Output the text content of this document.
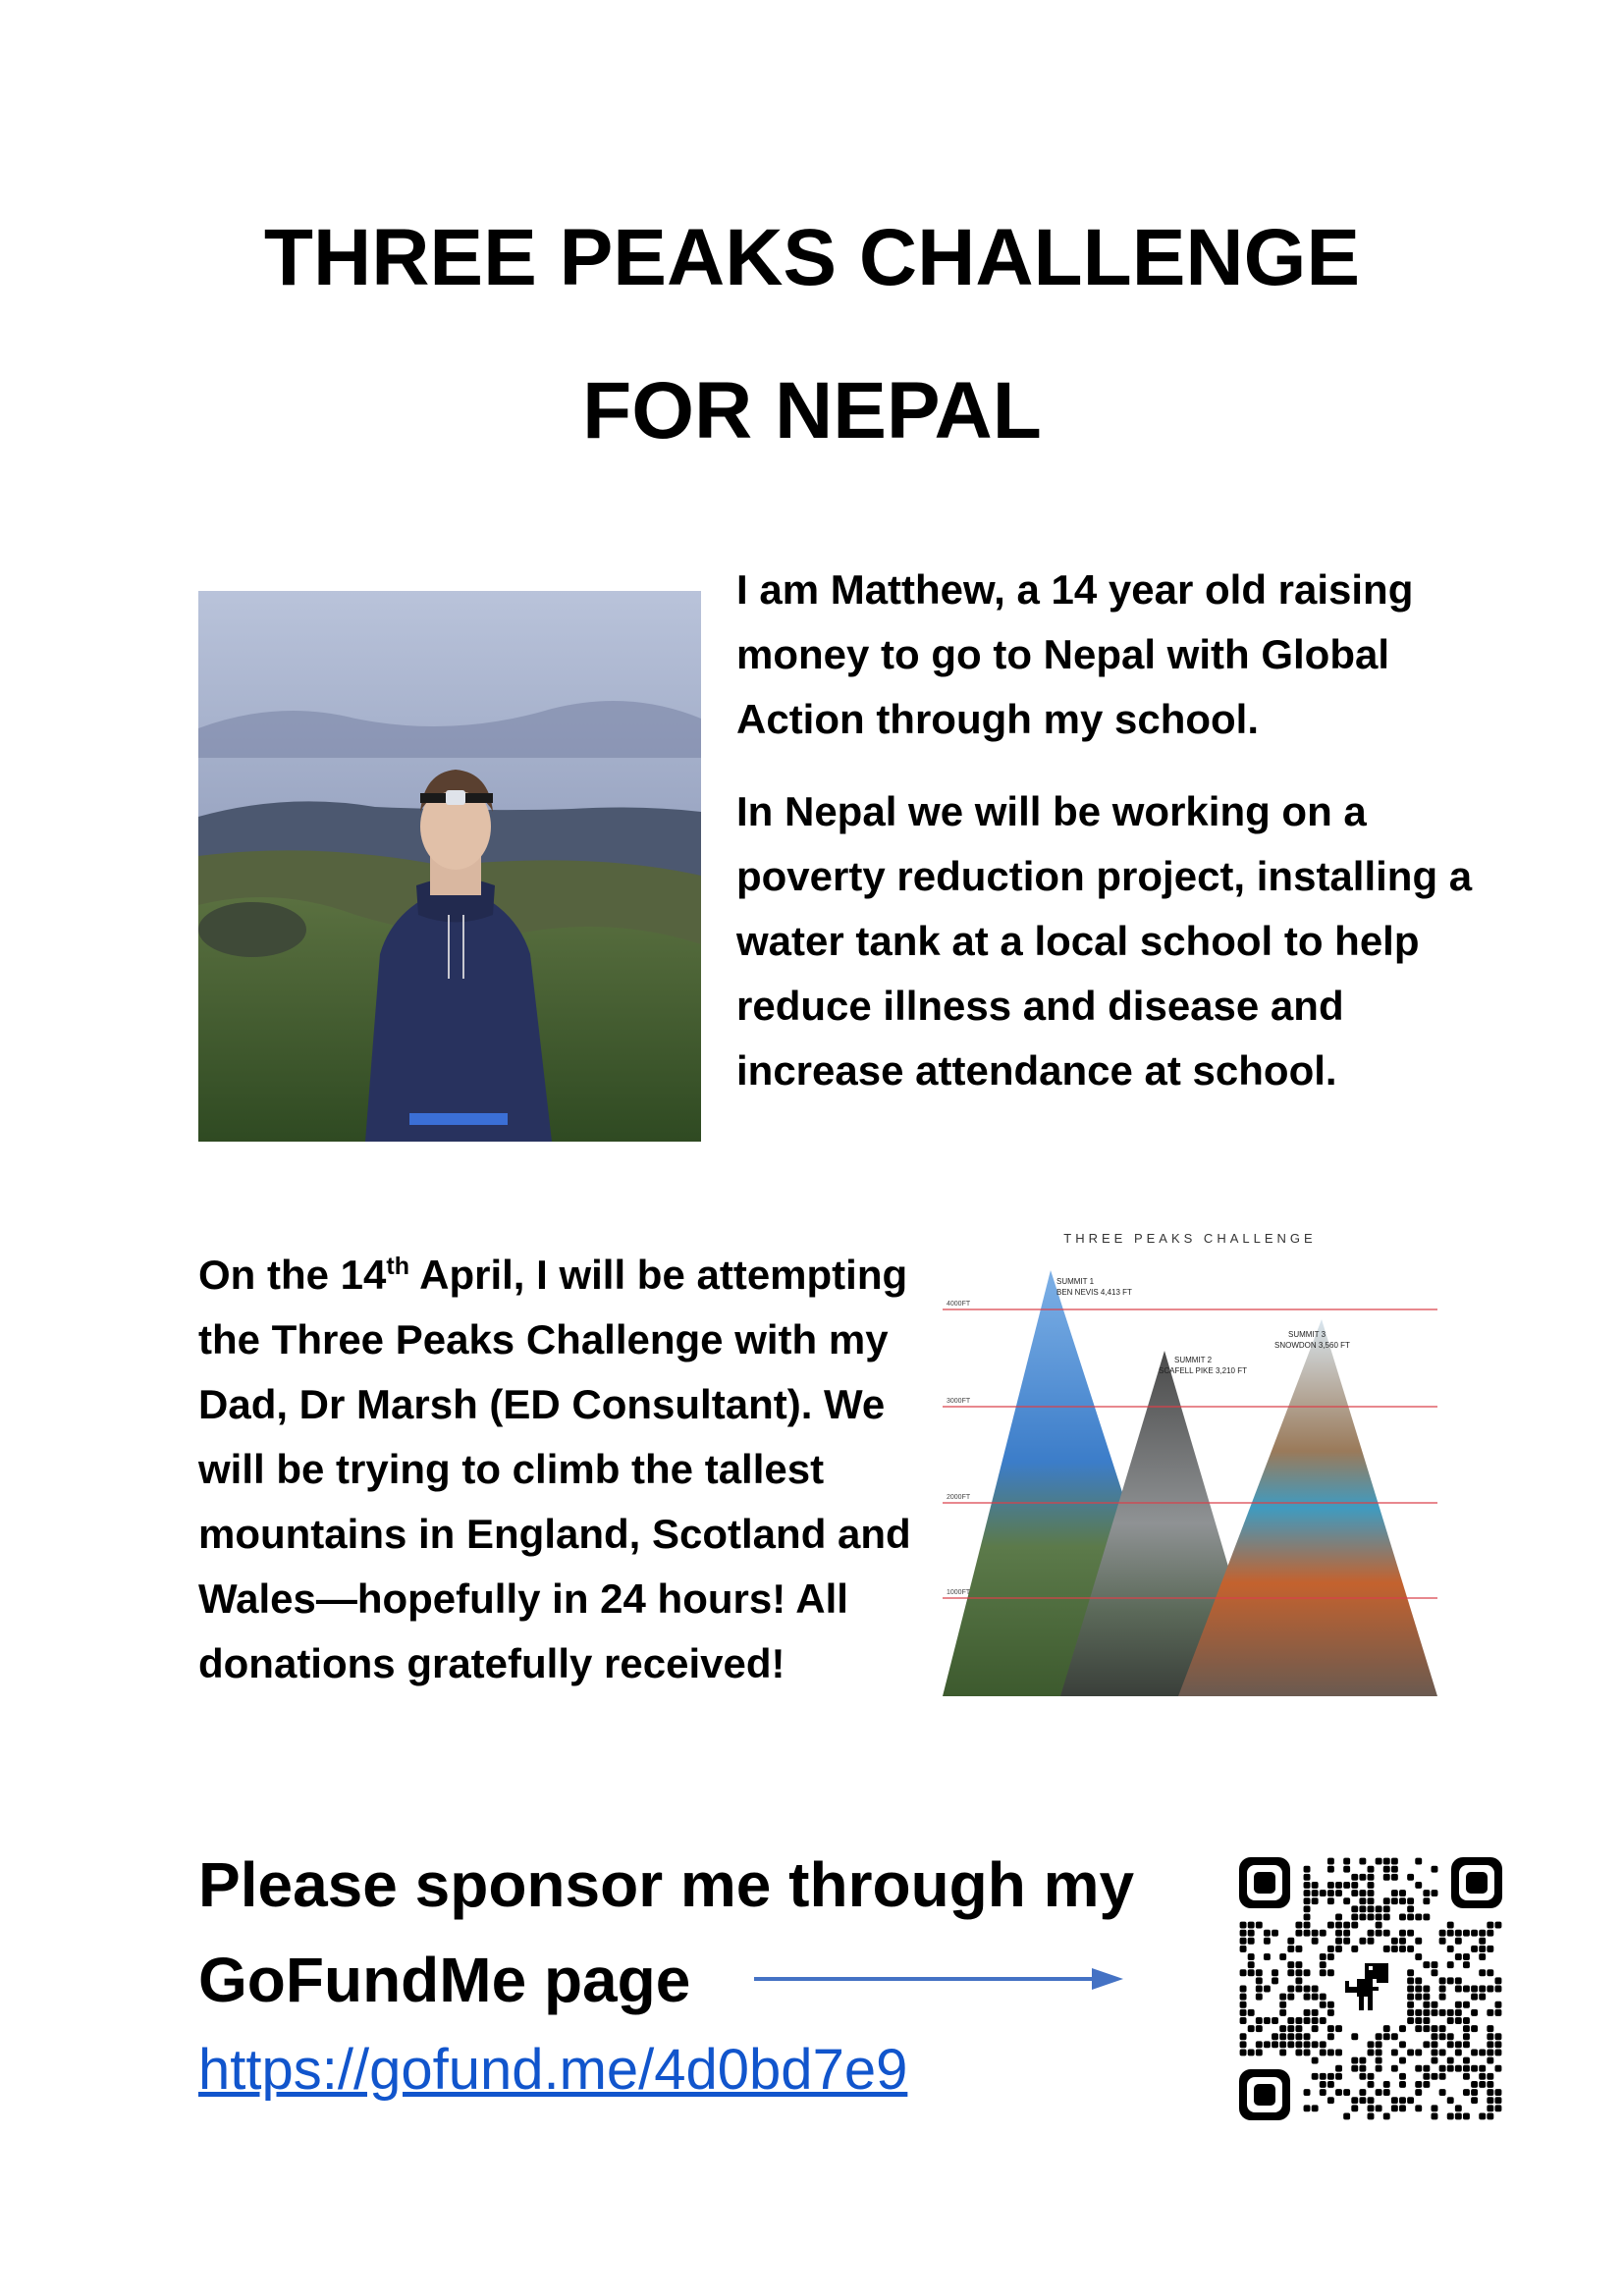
THREE PEAKS CHALLENGE
FOR NEPAL
I am Matthew, a 14 year old raising money to go to Nepal with Global Action through my school.
In Nepal we will be working on a poverty reduction project, installing a water tank at a local school to help reduce illness and disease and increase attendance at school.
On the 14th April, I will be attempting the Three Peaks Challenge with my Dad, Dr Marsh (ED Consultant). We will be trying to climb the tallest mountains in England, Scotland and Wales—hopefully in 24 hours! All donations gratefully received!
THREE PEAKS CHALLENGE
4000FT
3000FT
2000FT
1000FT
SUMMIT 1
BEN NEVIS 4,413 FT
SUMMIT 2
SCAFELL PIKE 3,210 FT
SUMMIT 3
SNOWDON 3,560 FT
Please sponsor me through my
GoFundMe page
https://gofund.me/4d0bd7e9
